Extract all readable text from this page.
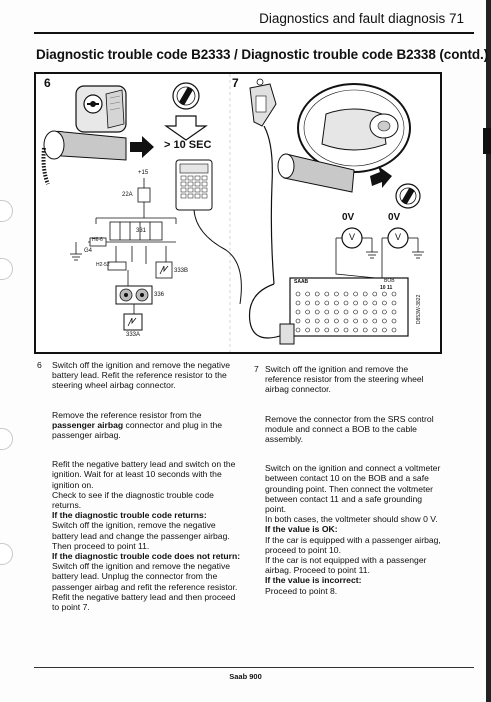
Diagnostics and fault diagnosis 71
Diagnostic trouble code B2333 / Diagnostic trouble code B2338 (contd.)
6	7
> 10 SEC
+15
22A
331
G4
H6-6
H2-52
333B
336
333A
0V	0V
V	V
SAAB	BOB
10 11
D853W-3822
6 Switch off the ignition and remove the negative battery lead. Refit the reference resistor to the steering wheel airbag connector.

Remove the reference resistor from the passenger airbag connector and plug in the passenger airbag.

Refit the negative battery lead and switch on the ignition. Wait for at least 10 seconds with the ignition on.

Check to see if the diagnostic trouble code returns.

If the diagnostic trouble code returns:

Switch off the ignition, remove the negative battery lead and change the passenger airbag. Then proceed to point 11.

If the diagnostic trouble code does not return:

Switch off the ignition and remove the negative battery lead. Unplug the connector from the passenger airbag and refit the reference resistor.

Refit the negative battery lead and then proceed to point 7.

7 Switch off the ignition and remove the reference resistor from the steering wheel airbag connector.

Remove the connector from the SRS control module and connect a BOB to the cable assembly.

Switch on the ignition and connect a voltmeter between contact 10 on the BOB and a safe grounding point. Then connect the voltmeter between contact 11 and a safe grounding point.

In both cases, the voltmeter should show 0 V.

If the value is OK:

If the car is equipped with a passenger airbag, proceed to point 10.

If the car is not equipped with a passenger airbag. Proceed to point 11.

If the value is incorrect:

Proceed to point 8.

Saab 900
